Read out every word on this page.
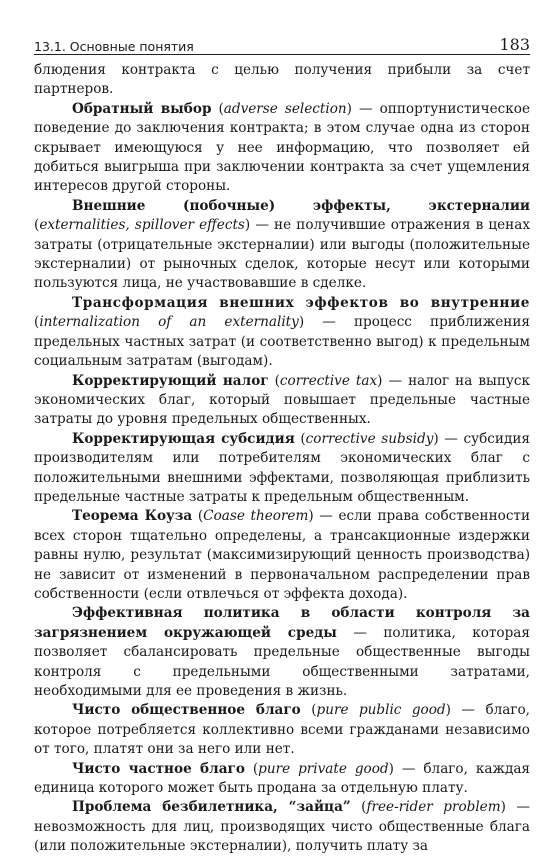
13.1. Основные понятия	183

блюдения контракта с целью получения прибыли за счет партнеров.

Обратный выбор (adverse selection) — оппортунистическое поведение до заключения контракта; в этом случае одна из сторон скрывает имеющуюся у нее информацию, что позволяет ей добиться выигрыша при заключении контракта за счет ущемления интересов другой стороны.

Внешние (побочные) эффекты, экстерналии (externalities, spillover effects) — не получившие отражения в ценах затраты (отрицательные экстерналии) или выгоды (положительные экстерналии) от рыночных сделок, которые несут или которыми пользуются лица, не участвовавшие в сделке.

Трансформация внешних эффектов во внутренние (internalization of an externality) — процесс приближения предельных частных затрат (и соответственно выгод) к предельным социальным затратам (выгодам).

Корректирующий налог (corrective tax) — налог на выпуск экономических благ, который повышает предельные частные затраты до уровня предельных общественных.

Корректирующая субсидия (corrective subsidy) — субсидия производителям или потребителям экономических благ с положительными внешними эффектами, позволяющая приблизить предельные частные затраты к предельным общественным.

Теорема Коуза (Coase theorem) — если права собственности всех сторон тщательно определены, а трансакционные издержки равны нулю, результат (максимизирующий ценность производства) не зависит от изменений в первоначальном распределении прав собственности (если отвлечься от эффекта дохода).

Эффективная политика в области контроля за загрязнением окружающей среды — политика, которая позволяет сбалансировать предельные общественные выгоды контроля с предельными общественными затратами, необходимыми для ее проведения в жизнь.

Чисто общественное благо (pure public good) — благо, которое потребляется коллективно всеми гражданами независимо от того, платят они за него или нет.

Чисто частное благо (pure private good) — благо, каждая единица которого может быть продана за отдельную плату.

Проблема безбилетника, “зайца” (free-rider problem) — невозможность для лиц, производящих чисто общественные блага (или положительные экстерналии), получить плату за
